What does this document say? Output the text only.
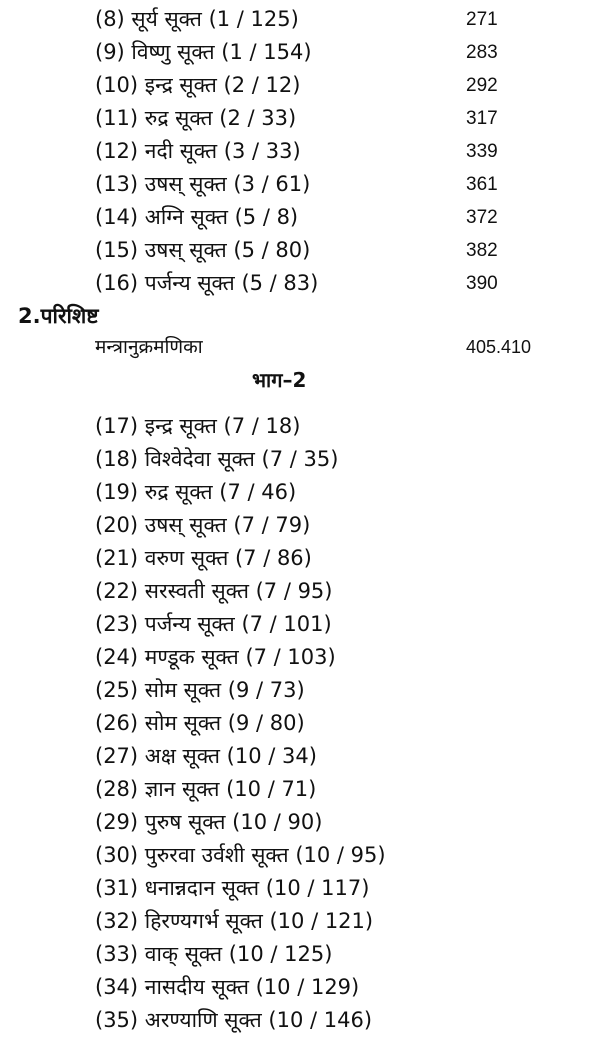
(8) सूर्य सूक्त (1 / 125)	271
(9) विष्णु सूक्त (1 / 154)	283
(10) इन्द्र सूक्त (2 / 12)	292
(11) रुद्र सूक्त (2 / 33)	317
(12) नदी सूक्त (3 / 33)	339
(13) उषस् सूक्त (3 / 61)	361
(14) अग्नि सूक्त (5 / 8)	372
(15) उषस् सूक्त (5 / 80)	382
(16) पर्जन्य सूक्त (5 / 83)	390
2.परिशिष्ट
मन्त्रानुक्रमणिका	405.410
भाग–2
(17) इन्द्र सूक्त (7 / 18)
(18) विश्वेदेवा सूक्त (7 / 35)
(19) रुद्र सूक्त (7 / 46)
(20) उषस् सूक्त (7 / 79)
(21) वरुण सूक्त (7 / 86)
(22) सरस्वती सूक्त (7 / 95)
(23) पर्जन्य सूक्त (7 / 101)
(24) मण्डूक सूक्त (7 / 103)
(25) सोम सूक्त (9 / 73)
(26) सोम सूक्त (9 / 80)
(27) अक्ष सूक्त (10 / 34)
(28) ज्ञान सूक्त (10 / 71)
(29) पुरुष सूक्त (10 / 90)
(30) पुरुरवा उर्वशी सूक्त (10 / 95)
(31) धनान्नदान सूक्त (10 / 117)
(32) हिरण्यगर्भ सूक्त (10 / 121)
(33) वाक् सूक्त (10 / 125)
(34) नासदीय सूक्त (10 / 129)
(35) अरण्याणि सूक्त (10 / 146)
